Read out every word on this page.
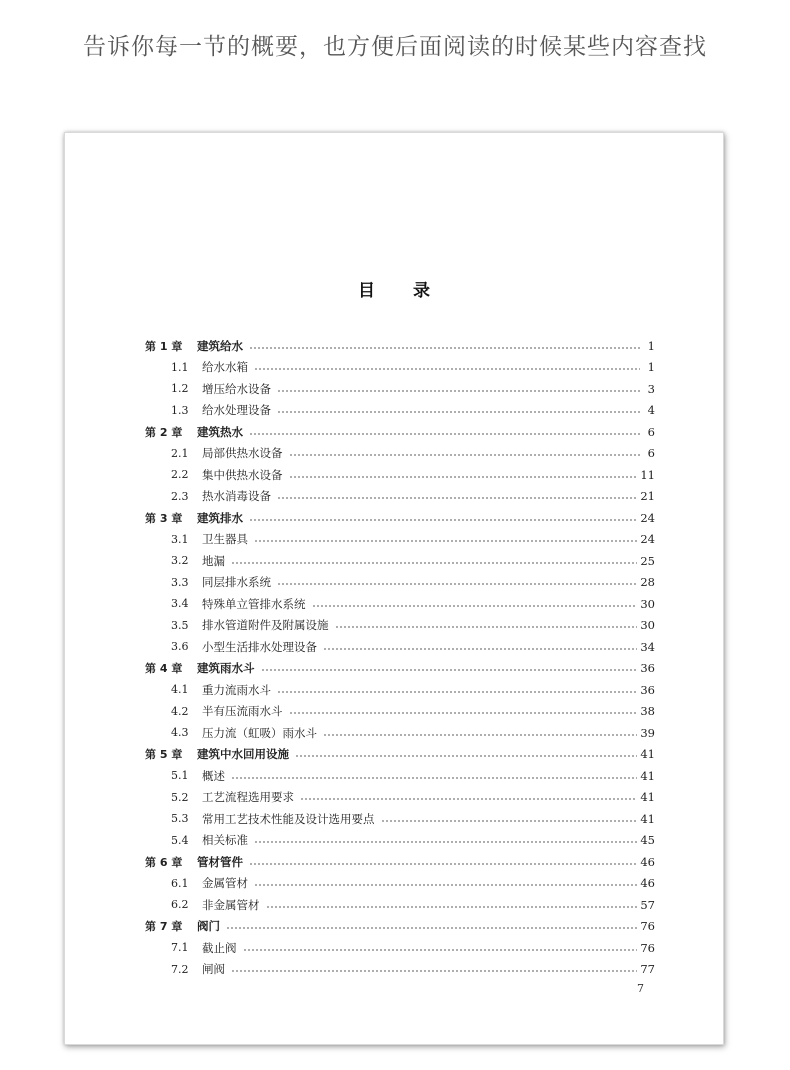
告诉你每一节的概要，也方便后面阅读的时候某些内容查找
目录
第 1 章	建筑给水	1
1.1	给水水箱	1
1.2	增压给水设备	3
1.3	给水处理设备	4
第 2 章	建筑热水	6
2.1	局部供热水设备	6
2.2	集中供热水设备	11
2.3	热水消毒设备	21
第 3 章	建筑排水	24
3.1	卫生器具	24
3.2	地漏	25
3.3	同层排水系统	28
3.4	特殊单立管排水系统	30
3.5	排水管道附件及附属设施	30
3.6	小型生活排水处理设备	34
第 4 章	建筑雨水斗	36
4.1	重力流雨水斗	36
4.2	半有压流雨水斗	38
4.3	压力流（虹吸）雨水斗	39
第 5 章	建筑中水回用设施	41
5.1	概述	41
5.2	工艺流程选用要求	41
5.3	常用工艺技术性能及设计选用要点	41
5.4	相关标准	45
第 6 章	管材管件	46
6.1	金属管材	46
6.2	非金属管材	57
第 7 章	阀门	76
7.1	截止阀	76
7.2	闸阀	77
7
